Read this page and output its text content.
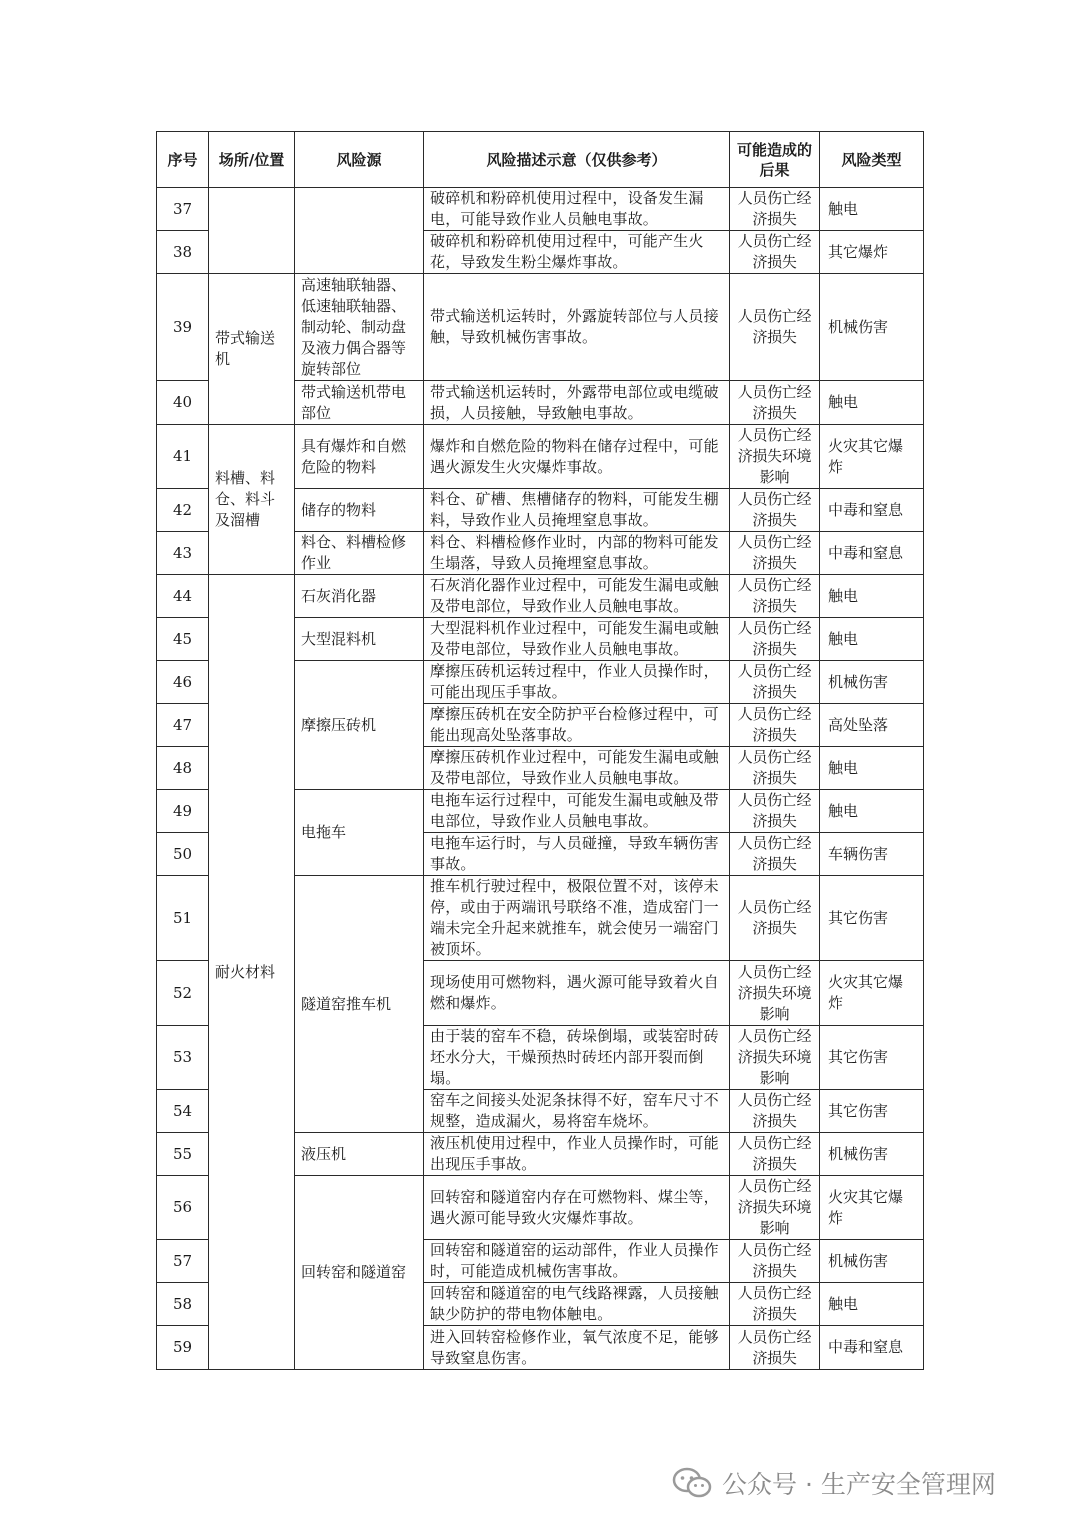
序号	场所/位置	风险源	风险描述示意（仅供参考）	可能造成的后果	风险类型
37			破碎机和粉碎机使用过程中，设备发生漏电，可能导致作业人员触电事故。	人员伤亡经济损失	触电
38			破碎机和粉碎机使用过程中，可能产生火花，导致发生粉尘爆炸事故。	人员伤亡经济损失	其它爆炸
39	带式输送机	高速轴联轴器、低速轴联轴器、制动轮、制动盘及液力偶合器等旋转部位	带式输送机运转时，外露旋转部位与人员接触，导致机械伤害事故。	人员伤亡经济损失	机械伤害
40		带式输送机带电部位	带式输送机运转时，外露带电部位或电缆破损，人员接触，导致触电事故。	人员伤亡经济损失	触电
41	料槽、料仓、料斗及溜槽	具有爆炸和自燃危险的物料	爆炸和自燃危险的物料在储存过程中，可能遇火源发生火灾爆炸事故。	人员伤亡经济损失环境影响	火灾其它爆炸
42		储存的物料	料仓、矿槽、焦槽储存的物料，可能发生棚料，导致作业人员掩埋窒息事故。	人员伤亡经济损失	中毒和窒息
43		料仓、料槽检修作业	料仓、料槽检修作业时，内部的物料可能发生塌落，导致人员掩埋窒息事故。	人员伤亡经济损失	中毒和窒息
44	耐火材料	石灰消化器	石灰消化器作业过程中，可能发生漏电或触及带电部位，导致作业人员触电事故。	人员伤亡经济损失	触电
45		大型混料机	大型混料机作业过程中，可能发生漏电或触及带电部位，导致作业人员触电事故。	人员伤亡经济损失	触电
46		摩擦压砖机	摩擦压砖机运转过程中，作业人员操作时，可能出现压手事故。	人员伤亡经济损失	机械伤害
47			摩擦压砖机在安全防护平台检修过程中，可能出现高处坠落事故。	人员伤亡经济损失	高处坠落
48			摩擦压砖机作业过程中，可能发生漏电或触及带电部位，导致作业人员触电事故。	人员伤亡经济损失	触电
49		电拖车	电拖车运行过程中，可能发生漏电或触及带电部位，导致作业人员触电事故。	人员伤亡经济损失	触电
50			电拖车运行时，与人员碰撞，导致车辆伤害事故。	人员伤亡经济损失	车辆伤害
51		隧道窑推车机	推车机行驶过程中，极限位置不对，该停未停，或由于两端讯号联络不准，造成窑门一端未完全升起来就推车，就会使另一端窑门被顶坏。	人员伤亡经济损失	其它伤害
52			现场使用可燃物料，遇火源可能导致着火自燃和爆炸。	人员伤亡经济损失环境影响	火灾其它爆炸
53			由于装的窑车不稳，砖垛倒塌，或装窑时砖坯水分大，干燥预热时砖坯内部开裂而倒塌。	人员伤亡经济损失环境影响	其它伤害
54			窑车之间接头处泥条抹得不好，窑车尺寸不规整，造成漏火，易将窑车烧坏。	人员伤亡经济损失	其它伤害
55		液压机	液压机使用过程中，作业人员操作时，可能出现压手事故。	人员伤亡经济损失	机械伤害
56		回转窑和隧道窑	回转窑和隧道窑内存在可燃物料、煤尘等，遇火源可能导致火灾爆炸事故。	人员伤亡经济损失环境影响	火灾其它爆炸
57			回转窑和隧道窑的运动部件，作业人员操作时，可能造成机械伤害事故。	人员伤亡经济损失	机械伤害
58			回转窑和隧道窑的电气线路裸露，人员接触缺少防护的带电物体触电。	人员伤亡经济损失	触电
59			进入回转窑检修作业，氧气浓度不足，能够导致窒息伤害。	人员伤亡经济损失	中毒和窒息
公众号 · 生产安全管理网
